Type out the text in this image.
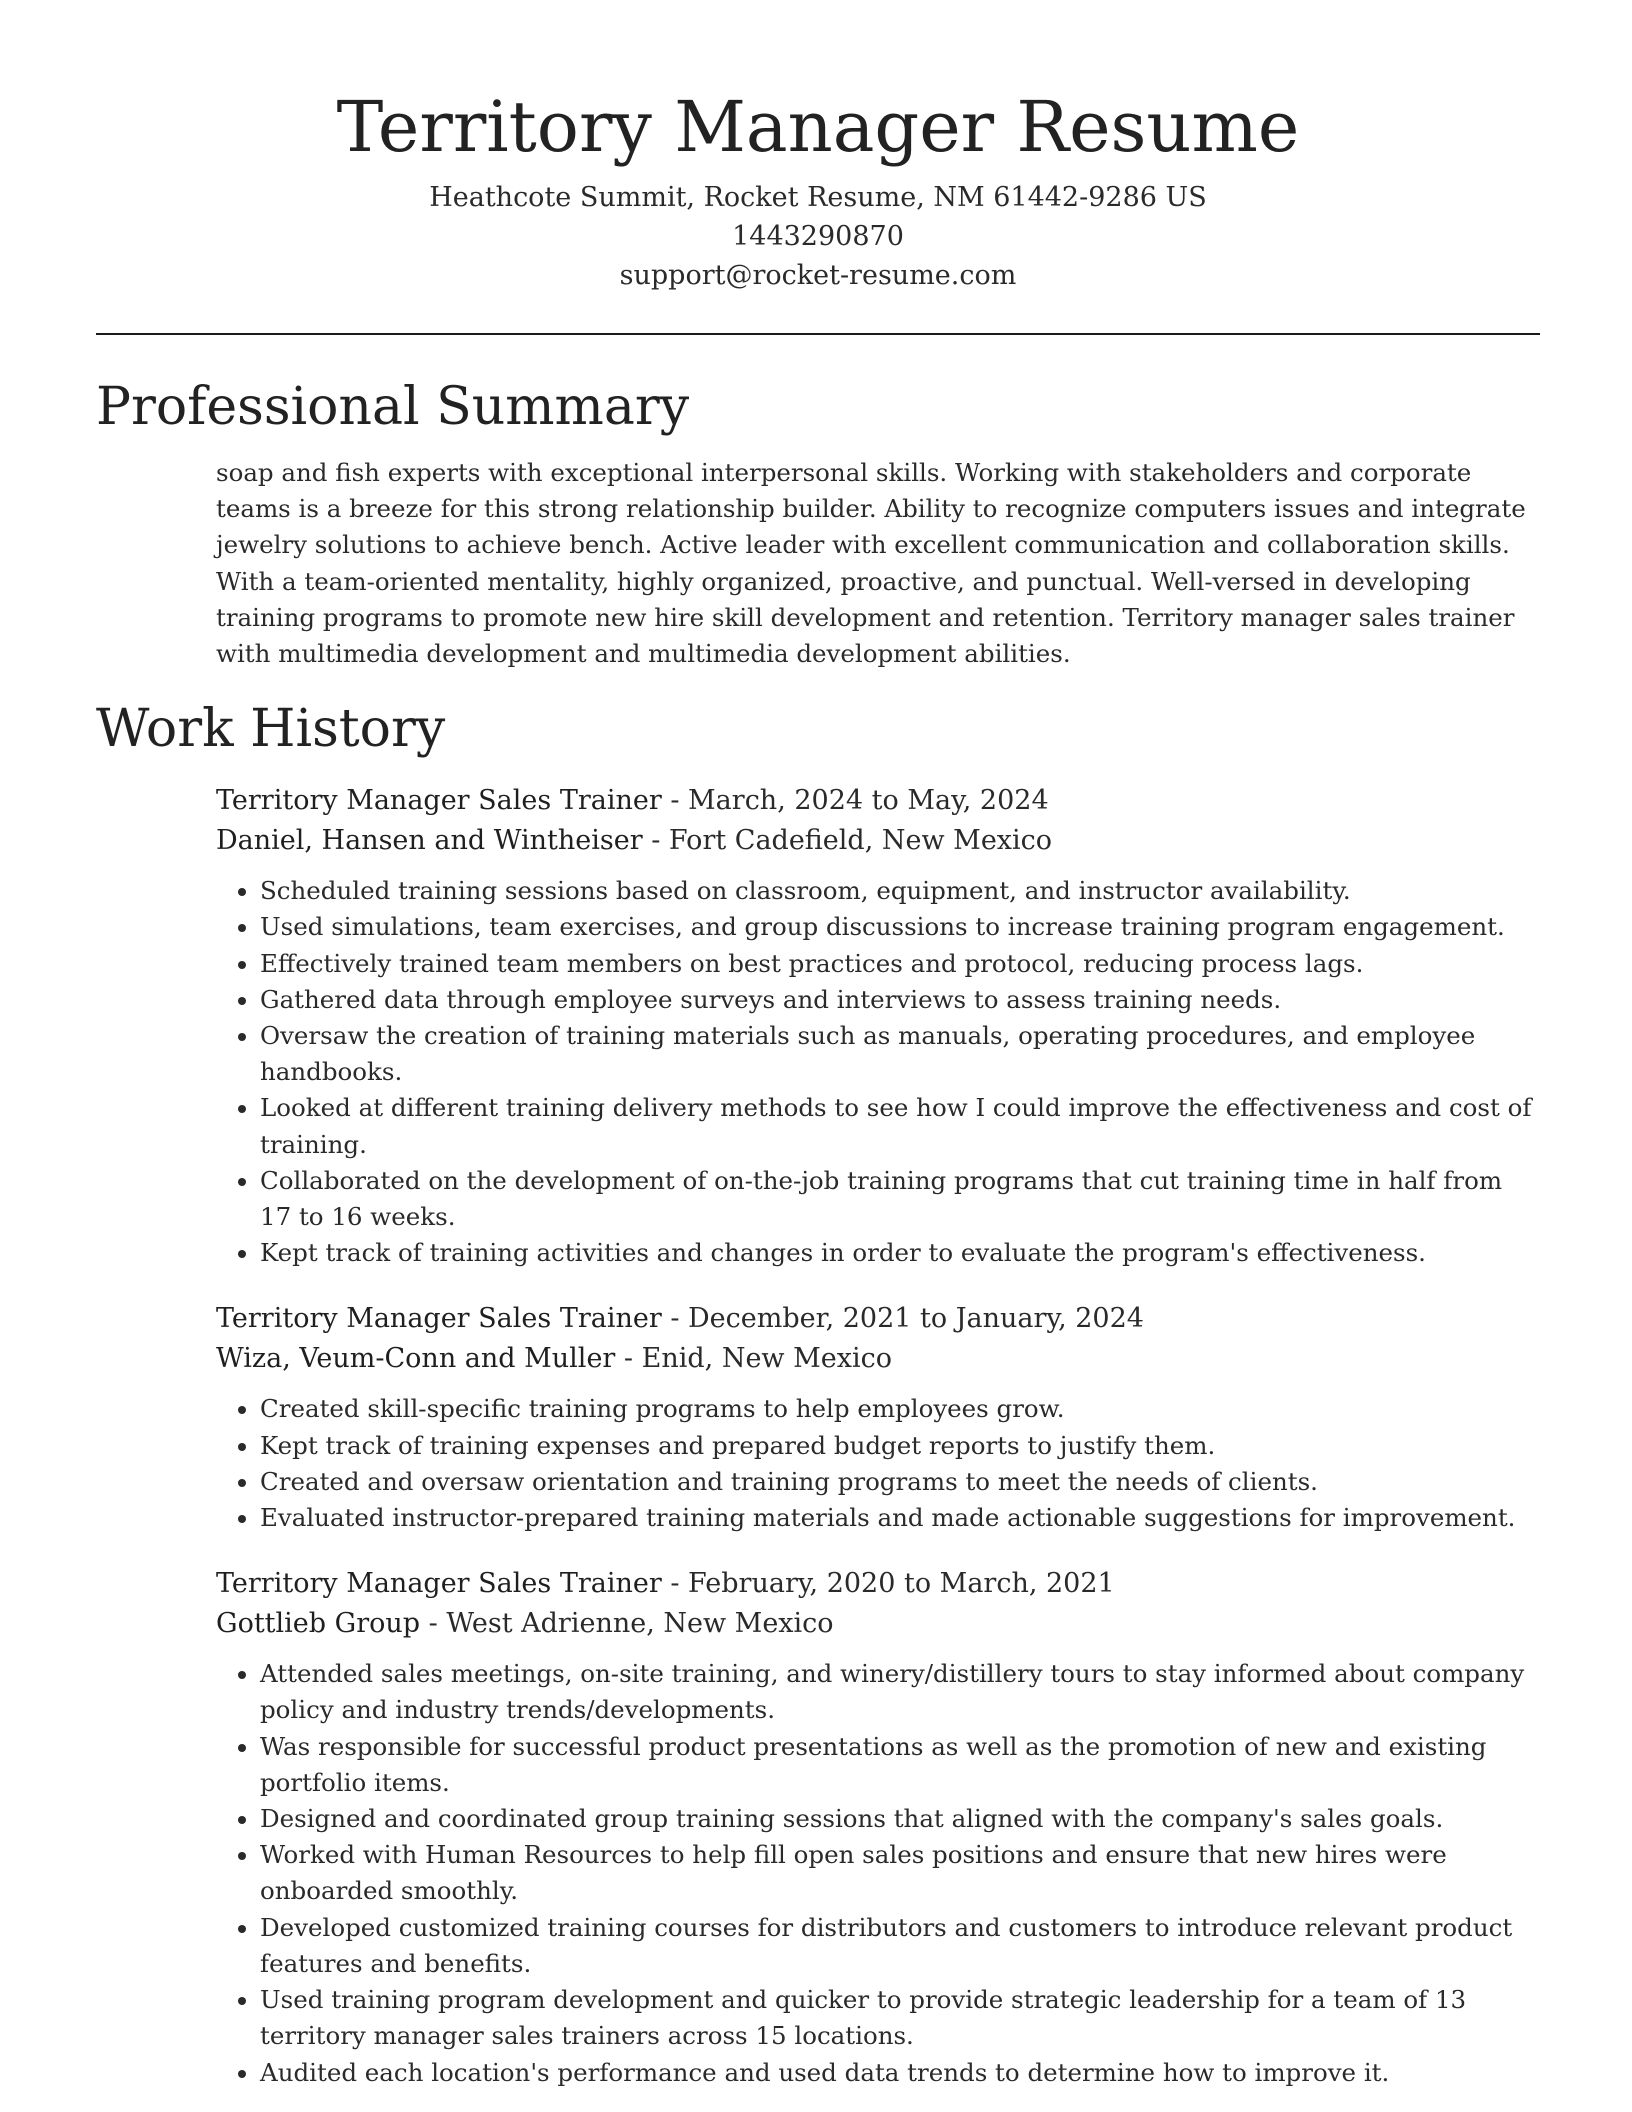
Territory Manager Resume

Heathcote Summit, Rocket Resume, NM 61442-9286 US

1443290870

support@rocket-resume.com

Professional Summary

soap and fish experts with exceptional interpersonal skills. Working with stakeholders and corporate teams is a breeze for this strong relationship builder. Ability to recognize computers issues and integrate jewelry solutions to achieve bench. Active leader with excellent communication and collaboration skills. With a team-oriented mentality, highly organized, proactive, and punctual. Well-versed in developing training programs to promote new hire skill development and retention. Territory manager sales trainer with multimedia development and multimedia development abilities.

Work History

Territory Manager Sales Trainer - March, 2024 to May, 2024

Daniel, Hansen and Wintheiser - Fort Cadefield, New Mexico

• Scheduled training sessions based on classroom, equipment, and instructor availability.
• Used simulations, team exercises, and group discussions to increase training program engagement.
• Effectively trained team members on best practices and protocol, reducing process lags.
• Gathered data through employee surveys and interviews to assess training needs.
• Oversaw the creation of training materials such as manuals, operating procedures, and employee handbooks.
• Looked at different training delivery methods to see how I could improve the effectiveness and cost of training.
• Collaborated on the development of on-the-job training programs that cut training time in half from 17 to 16 weeks.
• Kept track of training activities and changes in order to evaluate the program's effectiveness.

Territory Manager Sales Trainer - December, 2021 to January, 2024

Wiza, Veum-Conn and Muller - Enid, New Mexico

• Created skill-specific training programs to help employees grow.
• Kept track of training expenses and prepared budget reports to justify them.
• Created and oversaw orientation and training programs to meet the needs of clients.
• Evaluated instructor-prepared training materials and made actionable suggestions for improvement.

Territory Manager Sales Trainer - February, 2020 to March, 2021

Gottlieb Group - West Adrienne, New Mexico

• Attended sales meetings, on-site training, and winery/distillery tours to stay informed about company policy and industry trends/developments.
• Was responsible for successful product presentations as well as the promotion of new and existing portfolio items.
• Designed and coordinated group training sessions that aligned with the company's sales goals.
• Worked with Human Resources to help fill open sales positions and ensure that new hires were onboarded smoothly.
• Developed customized training courses for distributors and customers to introduce relevant product features and benefits.
• Used training program development and quicker to provide strategic leadership for a team of 13 territory manager sales trainers across 15 locations.
• Audited each location's performance and used data trends to determine how to improve it.
